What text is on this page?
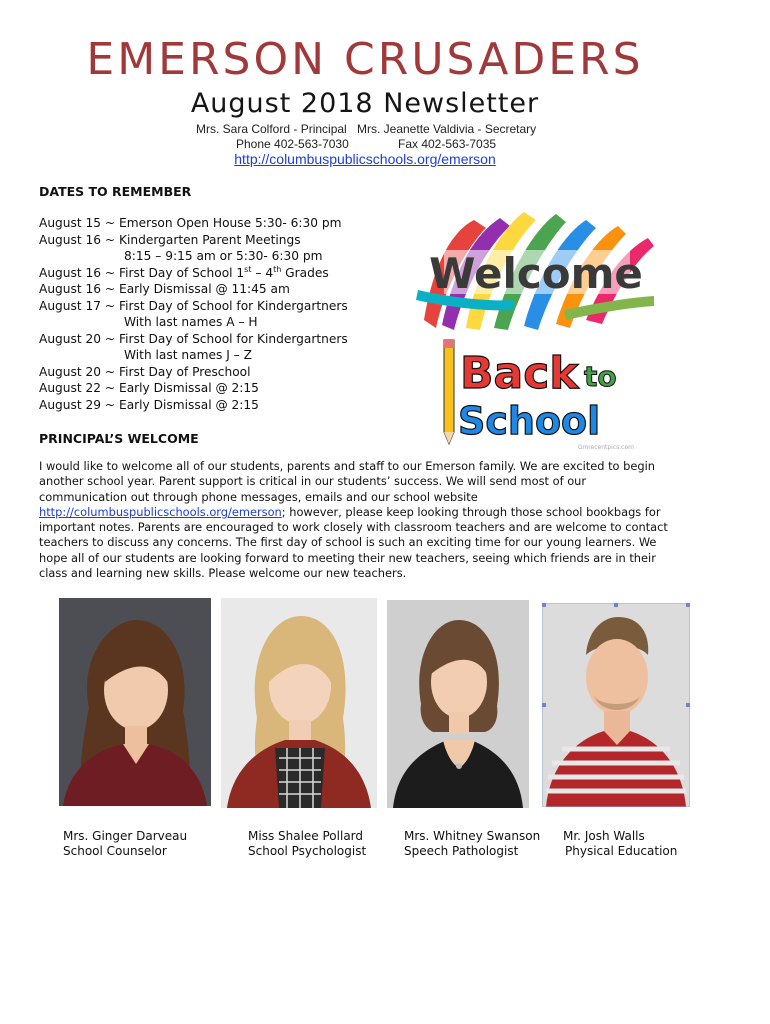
EMERSON CRUSADERS
August 2018 Newsletter
Mrs. Sara Colford - Principal Mrs. Jeanette Valdivia - Secretary
Phone 402-563-7030	Fax 402-563-7035
http://columbuspublicschools.org/emerson
DATES TO REMEMBER
August 15 ~ Emerson Open House 5:30- 6:30 pm
August 16 ~ Kindergarten Parent Meetings
8:15 – 9:15 am or 5:30- 6:30 pm
August 16 ~ First Day of School 1st – 4th Grades
August 16 ~ Early Dismissal @ 11:45 am
August 17 ~ First Day of School for Kindergartners
With last names A – H
August 20 ~ First Day of School for Kindergartners
With last names J – Z
August 20 ~ First Day of Preschool
August 22 ~ Early Dismissal @ 2:15
August 29 ~ Early Dismissal @ 2:15
Welcome
Back to
School
Gmrecentpics.com
PRINCIPAL’S WELCOME
I would like to welcome all of our students, parents and staff to our Emerson family. We are excited to begin another school year. Parent support is critical in our students’ success. We will send most of our communication out through phone messages, emails and our school website http://columbuspublicschools.org/emerson; however, please keep looking through those school bookbags for important notes. Parents are encouraged to work closely with classroom teachers and are welcome to contact teachers to discuss any concerns. The first day of school is such an exciting time for our young learners. We hope all of our students are looking forward to meeting their new teachers, seeing which friends are in their class and learning new skills. Please welcome our new teachers.
Mrs. Ginger Darveau
School Counselor
Miss Shalee Pollard
School Psychologist
Mrs. Whitney Swanson
Speech Pathologist
Mr. Josh Walls
Physical Education
